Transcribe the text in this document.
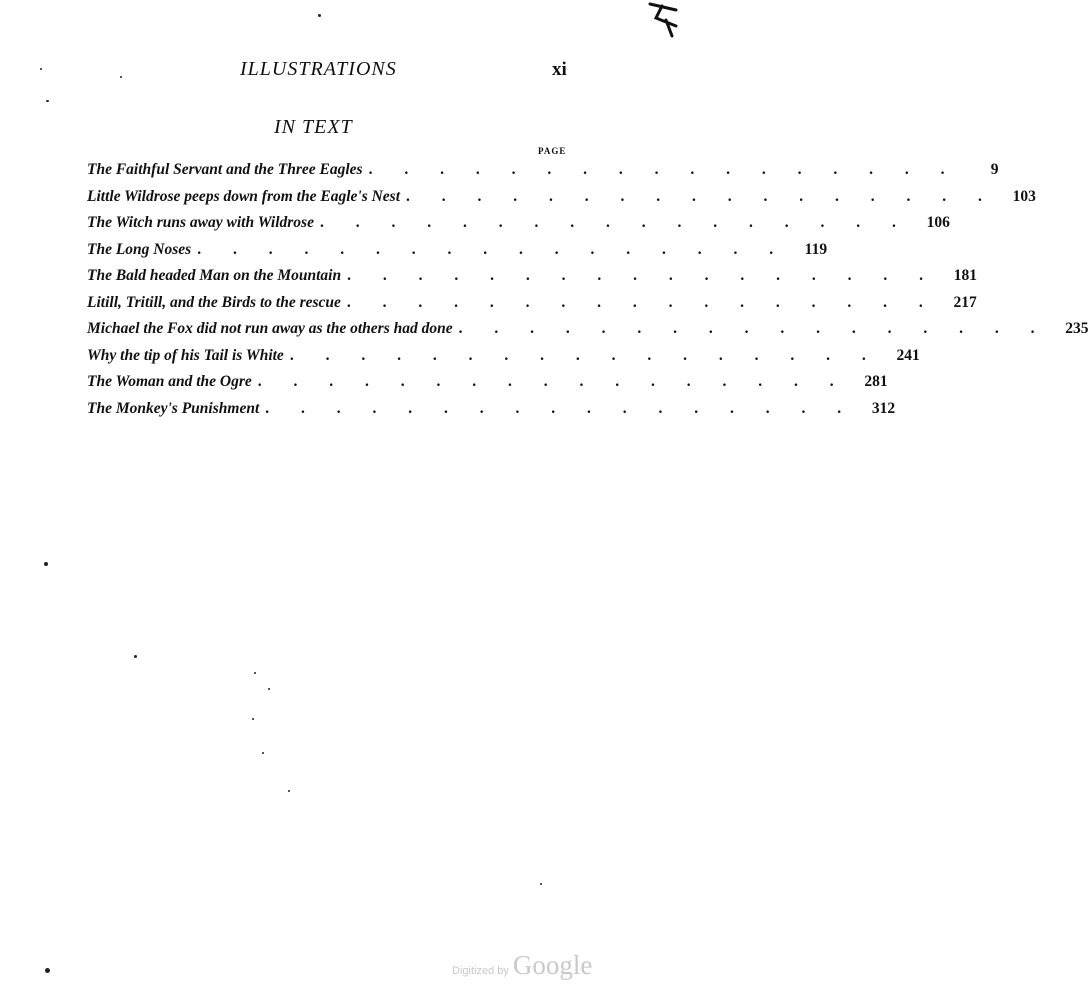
ILLUSTRATIONS	xi
IN TEXT
PAGE
The Faithful Servant and the Three Eagles . . . . . . . . . . . . . . . . .	9
Little Wildrose peeps down from the Eagle's Nest . . . . . . . . . . . . . . . . .	103
The Witch runs away with Wildrose . . . . . . . . . . . . . . . . .	106
The Long Noses . . . . . . . . . . . . . . . . .	119
The Bald headed Man on the Mountain . . . . . . . . . . . . . . . . .	181
Litill, Tritill, and the Birds to the rescue . . . . . . . . . . . . . . . . .	217
Michael the Fox did not run away as the others had done . . . . . . . . . . . . . . . . .	235
Why the tip of his Tail is White . . . . . . . . . . . . . . . . .	241
The Woman and the Ogre . . . . . . . . . . . . . . . . .	281
The Monkey's Punishment . . . . . . . . . . . . . . . . .	312
Digitized by Google
